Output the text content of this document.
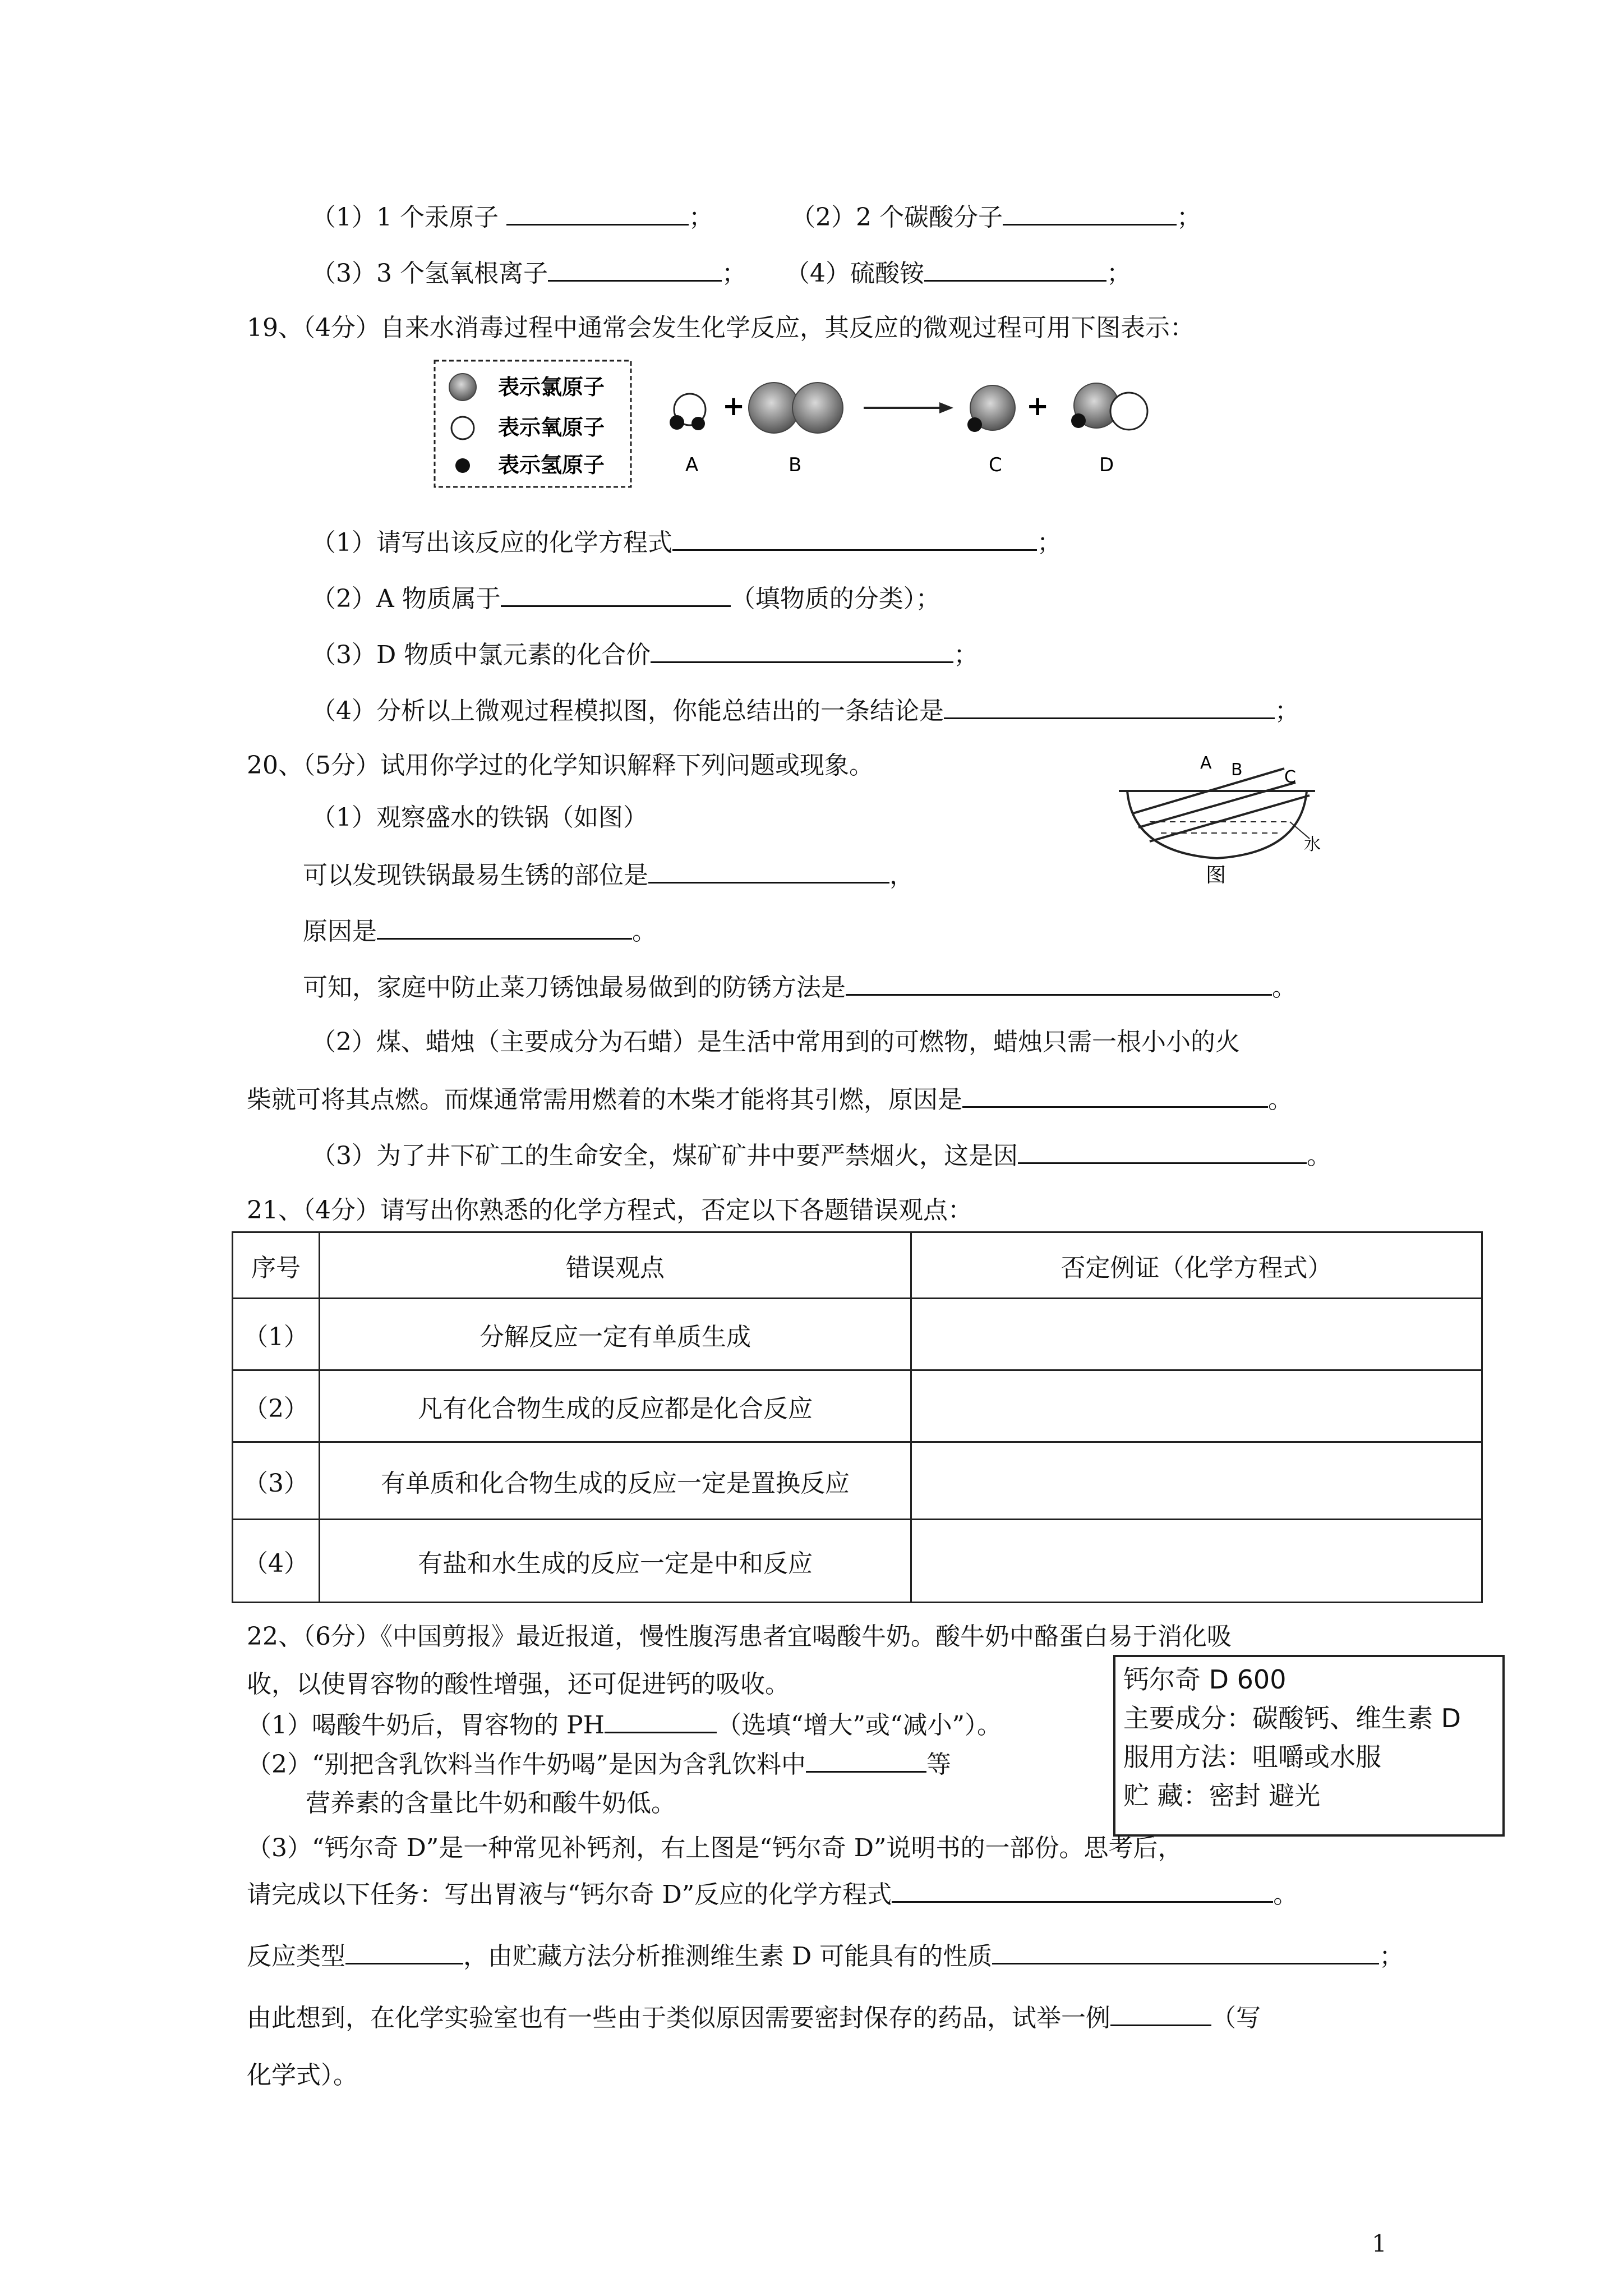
（1）1 个汞原子	；	（2）2 个碳酸分子	；
（3）3 个氢氧根离子	； （4）硫酸铵	；
19、（4分）自来水消毒过程中通常会发生化学反应，其反应的微观过程可用下图表示：
表示氯原子
表示氧原子
表示氢原子
+	+
A	B	C	D
（1）请写出该反应的化学方程式	；
（2）A 物质属于	（填物质的分类）；
（3）D 物质中氯元素的化合价	；
（4）分析以上微观过程模拟图，你能总结出的一条结论是	；
20、（5分）试用你学过的化学知识解释下列问题或现象。
（1）观察盛水的铁锅（如图）
A B C
水
图
可以发现铁锅最易生锈的部位是	，
原因是	。
可知，家庭中防止菜刀锈蚀最易做到的防锈方法是	。
（2）煤、蜡烛（主要成分为石蜡）是生活中常用到的可燃物，蜡烛只需一根小小的火
柴就可将其点燃。而煤通常需用燃着的木柴才能将其引燃，原因是	。
（3）为了井下矿工的生命安全，煤矿矿井中要严禁烟火，这是因	。
21、（4分）请写出你熟悉的化学方程式，否定以下各题错误观点：
序号	错误观点	否定例证（化学方程式）
（1）	分解反应一定有单质生成	
（2）	凡有化合物生成的反应都是化合反应	
（3）	有单质和化合物生成的反应一定是置换反应	
（4）	有盐和水生成的反应一定是中和反应	
22、（6分）《中国剪报》最近报道，慢性腹泻患者宜喝酸牛奶。酸牛奶中酪蛋白易于消化吸
收，以使胃容物的酸性增强，还可促进钙的吸收。	钙尔奇 D 600
主要成分：碳酸钙、维生素 D
服用方法：咀嚼或水服
贮 藏：密封 避光
（1）喝酸牛奶后，胃容物的 PH	（选填“增大”或“减小”）。
（2）“别把含乳饮料当作牛奶喝”是因为含乳饮料中	等
营养素的含量比牛奶和酸牛奶低。
（3）“钙尔奇 D”是一种常见补钙剂，右上图是“钙尔奇 D”说明书的一部份。思考后，
请完成以下任务：写出胃液与“钙尔奇 D”反应的化学方程式	。
反应类型	，由贮藏方法分析推测维生素 D 可能具有的性质	；
由此想到，在化学实验室也有一些由于类似原因需要密封保存的药品，试举一例	（写
化学式）。
1
